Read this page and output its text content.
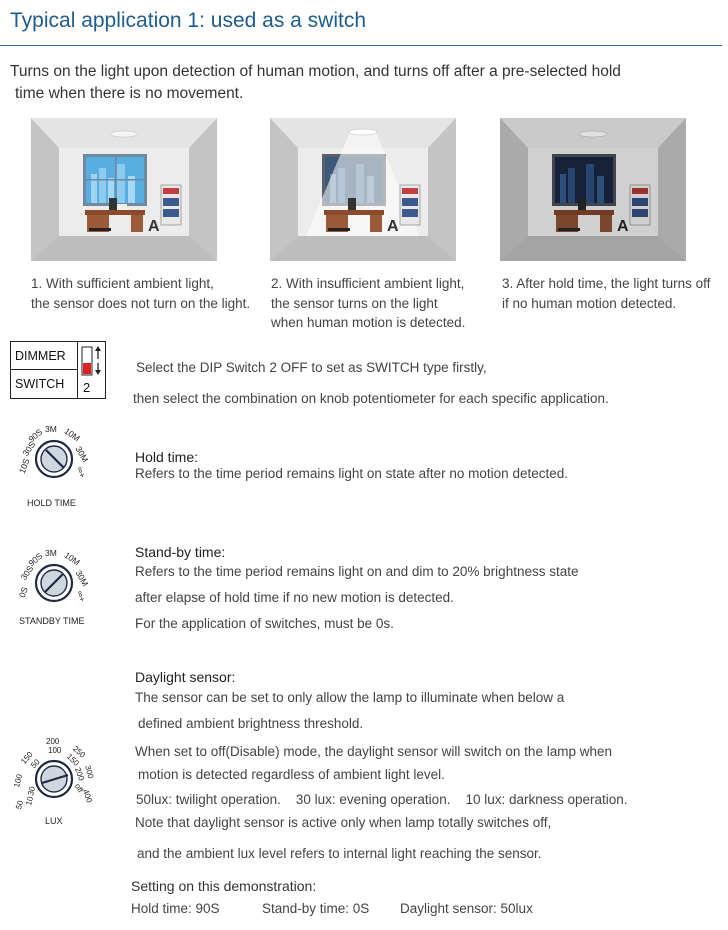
Typical application 1: used as a switch
Turns on the light upon detection of human motion, and turns off after a pre-selected hold
time when there is no movement.
A	A	A
1. With sufficient ambient light,
the sensor does not turn on the light.
2. With insufficient ambient light,
the sensor turns on the light
when human motion is detected.
3. After hold time, the light turns off
if no human motion detected.
DIMMER
SWITCH	2
Select the DIP Switch 2 OFF to set as SWITCH type firstly,
then select the combination on knob potentiometer for each specific application.
10S
30S
90S 3M 10M
30M
∞+
HOLD TIME
Hold time:
Refers to the time period remains light on state after no motion detected.
0S
30S
90S 3M 10M
30M
∞+
STANDBY TIME
Stand-by time:
Refers to the time period remains light on and dim to 20% brightness state
after elapse of hold time if no new motion is detected.
For the application of switches, must be 0s.
50 10
30
100
150
50
200
100 250
150
300
200
400
off
LUX
Daylight sensor:
The sensor can be set to only allow the lamp to illuminate when below a
defined ambient brightness threshold.
When set to off(Disable) mode, the daylight sensor will switch on the lamp when
motion is detected regardless of ambient light level.
50lux: twilight operation.    30 lux: evening operation.    10 lux: darkness operation.
Note that daylight sensor is active only when lamp totally switches off,
and the ambient lux level refers to internal light reaching the sensor.
Setting on this demonstration:
Hold time: 90S	Stand-by time: 0S Daylight sensor: 50lux
